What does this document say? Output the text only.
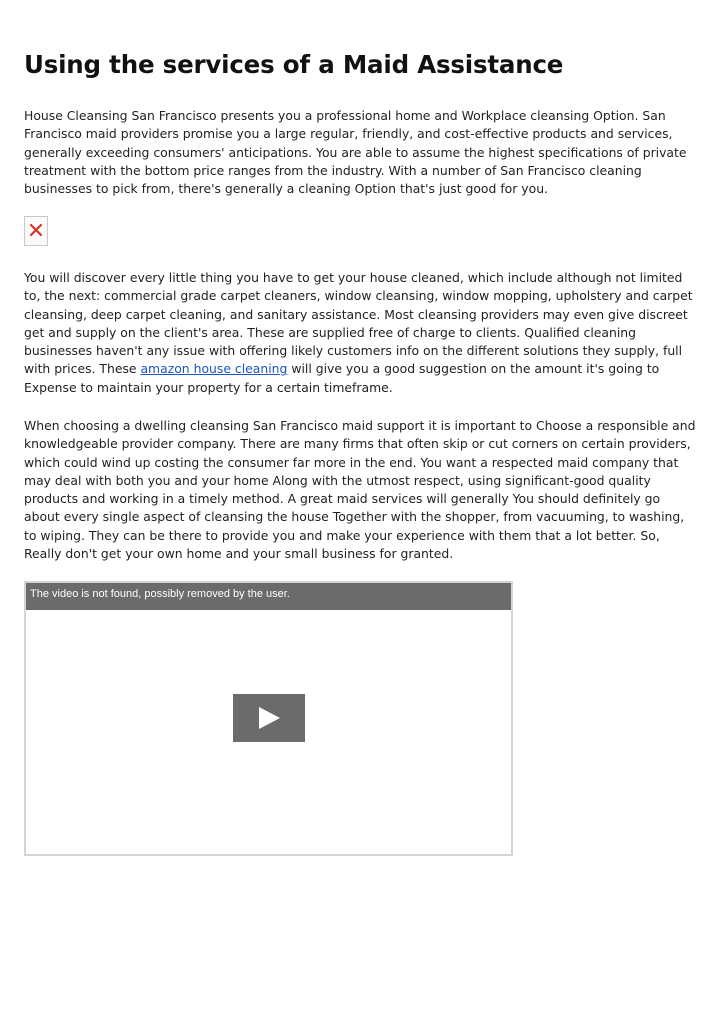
Using the services of a Maid Assistance

House Cleansing San Francisco presents you a professional home and Workplace cleansing Option. San Francisco maid providers promise you a large regular, friendly, and cost-effective products and services, generally exceeding consumers' anticipations. You are able to assume the highest specifications of private treatment with the bottom price ranges from the industry. With a number of San Francisco cleaning businesses to pick from, there's generally a cleaning Option that's just good for you.

You will discover every little thing you have to get your house cleaned, which include although not limited to, the next: commercial grade carpet cleaners, window cleansing, window mopping, upholstery and carpet cleansing, deep carpet cleaning, and sanitary assistance. Most cleansing providers may even give discreet get and supply on the client's area. These are supplied free of charge to clients. Qualified cleaning businesses haven't any issue with offering likely customers info on the different solutions they supply, full with prices. These amazon house cleaning will give you a good suggestion on the amount it's going to Expense to maintain your property for a certain timeframe.

When choosing a dwelling cleansing San Francisco maid support it is important to Choose a responsible and knowledgeable provider company. There are many firms that often skip or cut corners on certain providers, which could wind up costing the consumer far more in the end. You want a respected maid company that may deal with both you and your home Along with the utmost respect, using significant-good quality products and working in a timely method. A great maid services will generally You should definitely go about every single aspect of cleansing the house Together with the shopper, from vacuuming, to washing, to wiping. They can be there to provide you and make your experience with them that a lot better. So, Really don't get your own home and your small business for granted.

The video is not found, possibly removed by the user.
